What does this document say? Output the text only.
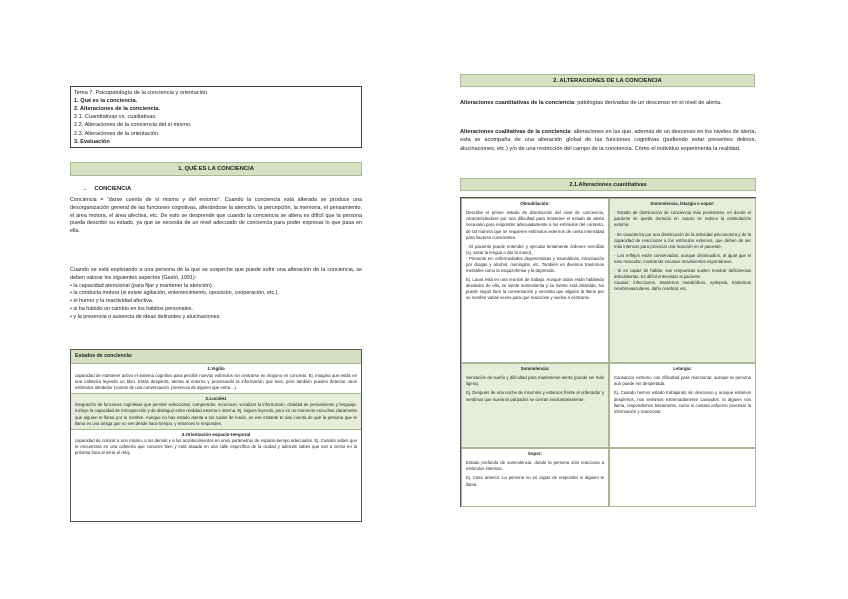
Tema 7. Psicopatología de la conciencia y orientación
1. Qué es la conciencia.
2. Alteraciones de la conciencia.
2.1. Cuantitativas vs. cualitativas.
2.2. Alteraciones de la conciencia del sí mismo.
2.3. Alteraciones de la orientación.
3. Evaluación
1. QUÉ ES LA CONCIENCIA
→ CONCIENCIA
Conciencia = “darse cuenta de sí mismo y del entorno”. Cuando la conciencia está alterada se produce una desorganización general de las funciones cognitivas, alterándose la atención, la percepción, la memoria, el pensamiento, el área motora, el área afectiva, etc. De esto se desprende que cuando la conciencia se altera es difícil que la persona pueda describir su estado, ya que se necesita de un nivel adecuado de conciencia para poder expresar lo que pasa en ella.
Cuando se está explorando a una persona de la que se sospeche que puede sufrir una alteración de la conciencia, se deben valorar los siguientes aspectos (Gastó, 1991):
• la capacidad atencional (para fijar y mantener la atención).
• la conducta motora (si existe agitación, enlentecimiento, oposición, cooperación, etc.).
• el humor y la reactividad afectiva.
• si ha habido un cambio en los hábitos personales.
• y la presencia o ausencia de ideas delirantes y alucinaciones.
Estados de conciencia:
1.Vigilia
capacidad de mantener activo el sistema cognitivo para percibir nuevos estímulos sin centrarse en ninguno en concreto. Ej. Imagina que estás en una cafetería leyendo un libro. Estás despierta, atenta al entorno y procesando la información que lees, pero también puedes detectar otros estímulos alrededor (sonido de una conversación, presencia de alguien que entra…).
2.Lucidez
integración de funciones cognitivas que permite seleccionar, comprender, reconocer, vocalizar la información, claridad de pensamiento y lenguaje. Incluye la capacidad de introspección y de distinguir entre realidad externa e interna. Ej. Sigues leyendo, pero en un momento escuchas claramente que alguien te llama por tu nombre. Aunque no has estado atenta a los ruidos de fondo, en ese instante te das cuenta de que la persona que te llama es una amiga que no ves desde hace tiempo, y entonces le respondes.
3.Orientación espacio-temporal
capacidad de colocar a uno mismo, a los demás y a los acontecimientos en unos parámetros de espacio-tiempo adecuados. Ej. Cuando sabes que te encuentras en una cafetería que conoces bien y está situada en una calle específica de la ciudad y además sabes que van a cerrar en la próxima hora al mirar el reloj.
2. ALTERACIONES DE LA CONCIENCIA
Alteraciones cuantitativas de la conciencia: patologías derivadas de un descenso en el nivel de alerta.
Alteraciones cualitativas de la conciencia: alteraciones en las que, además de un descenso en los niveles de alerta, esta se acompaña de una alteración global de las funciones cognitivas (pudiendo estar presentes delirios, alucinaciones, etc.) y/o de una restricción del campo de la conciencia. Cómo el individuo experimenta la realidad.
2.1.Alteraciones cuantitativas
Obnubilación:
Describe el primer estado de disminución del nivel de conciencia, caracterizándose por una dificultad para mantener el estado de alerta necesario para responder adecuadamente a los estímulos del contexto, de tal manera que se requieren estímulos externos de cierta intensidad para hacerse conscientes.
- El paciente puede entender y ejecutar lentamente órdenes sencillas (ej. sacar la lengua o dar la mano).
- Presente en: enfermedades degenerativas y traumáticas, intoxicación por drogas y alcohol, meningitis, etc. También en diversos trastornos mentales como la esquizofrenia y la depresión.
Ej. Laura está en una reunión de trabajo. Aunque todos están hablando alrededor de ella, se siente somnolienta y su mente está distraída. No puede seguir bien la conversación y necesita que alguien la llame por su nombre varias veces para que reaccione y vuelva a centrarse.
Somnolencia, letargia o sopor:
- Estado de disminución de conciencia más persistente, en donde el paciente se queda dormido en cuanto se reduce la estimulación externa.
- Se caracteriza por una disminución de la actividad psicomotora y de la capacidad de reaccionar a los estímulos externos, que deben de ser más intensos para provocar una reacción en el paciente.
- Los reflejos están conservados, aunque disminuidos, al igual que el tono muscular, mostrando escasos movimientos espontáneos.
- Si es capaz de hablar, sus respuestas suelen mostrar deficiencias articulatorias. Es difícil entrevistar al paciente.
Causas: infecciones, trastornos metabólicos, epilepsia, trastornos cerebrovasculares, daño cerebral, etc.
Somnolencia:
Sensación de sueño y dificultad para mantenerse alerta (puede ser más ligera).
Ej. Después de una noche de insomnio y estarnos frente al ordenador y sentimos que nuestros párpados se cierran involuntariamente.
Letargia:
Cansancio extremo con dificultad para reaccionar, aunque la persona aún puede ser despertada.
Ej. Cuando hemos estado trabajando sin descanso y aunque estamos despiertos, nos sentimos extremadamente cansados. Si alguien nos llama, respondemos lentamente, como si costara esfuerzo procesar la información y reaccionar.
Sopor:
Estado profundo de somnolencia, donde la persona sólo reacciona a estímulos intensos.
Ej. Caso anterior. La persona no es capaz de responder si alguien le llama.
